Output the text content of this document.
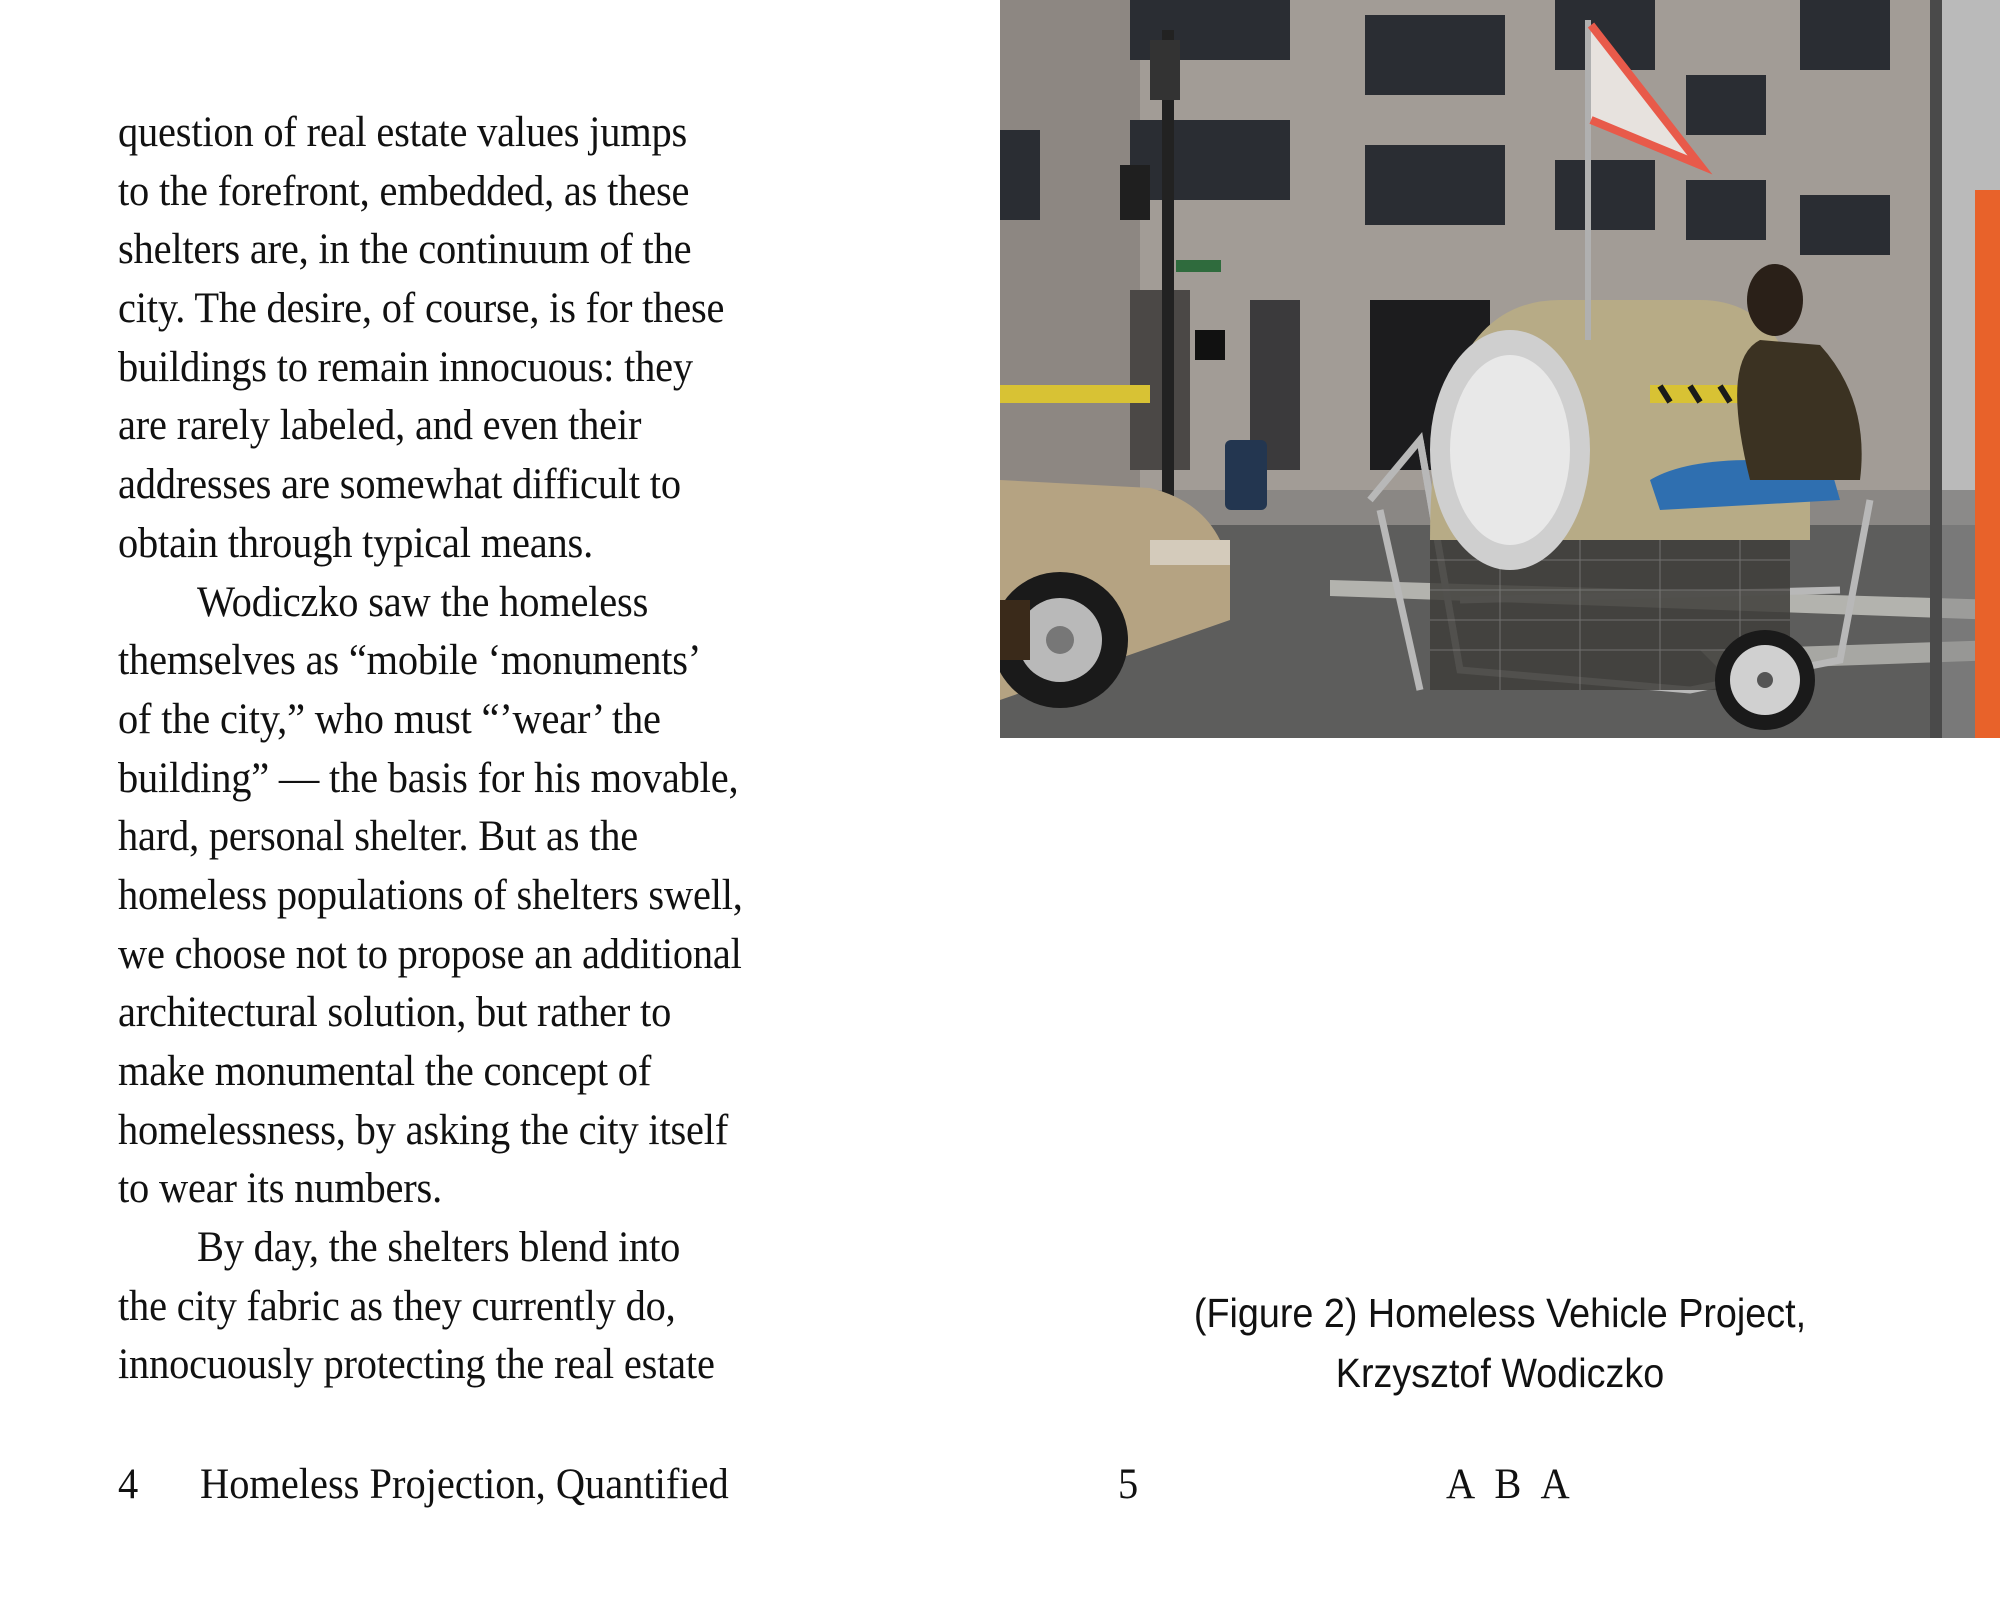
question of real estate values jumps
to the forefront, embedded, as these
shelters are, in the continuum of the
city. The desire, of course, is for these
buildings to remain innocuous: they
are rarely labeled, and even their
addresses are somewhat difficult to
obtain through typical means.
Wodiczko saw the homeless
themselves as “mobile ‘monuments’
of the city,” who must “’wear’ the
building” — the basis for his movable,
hard, personal shelter. But as the
homeless populations of shelters swell,
we choose not to propose an additional
architectural solution, but rather to
make monumental the concept of
homelessness, by asking the city itself
to wear its numbers.
By day, the shelters blend into
the city fabric as they currently do,
innocuously protecting the real estate
(Figure 2) Homeless Vehicle Project,
Krzysztof Wodiczko
4 Homeless Projection, Quantified	5	A B A
